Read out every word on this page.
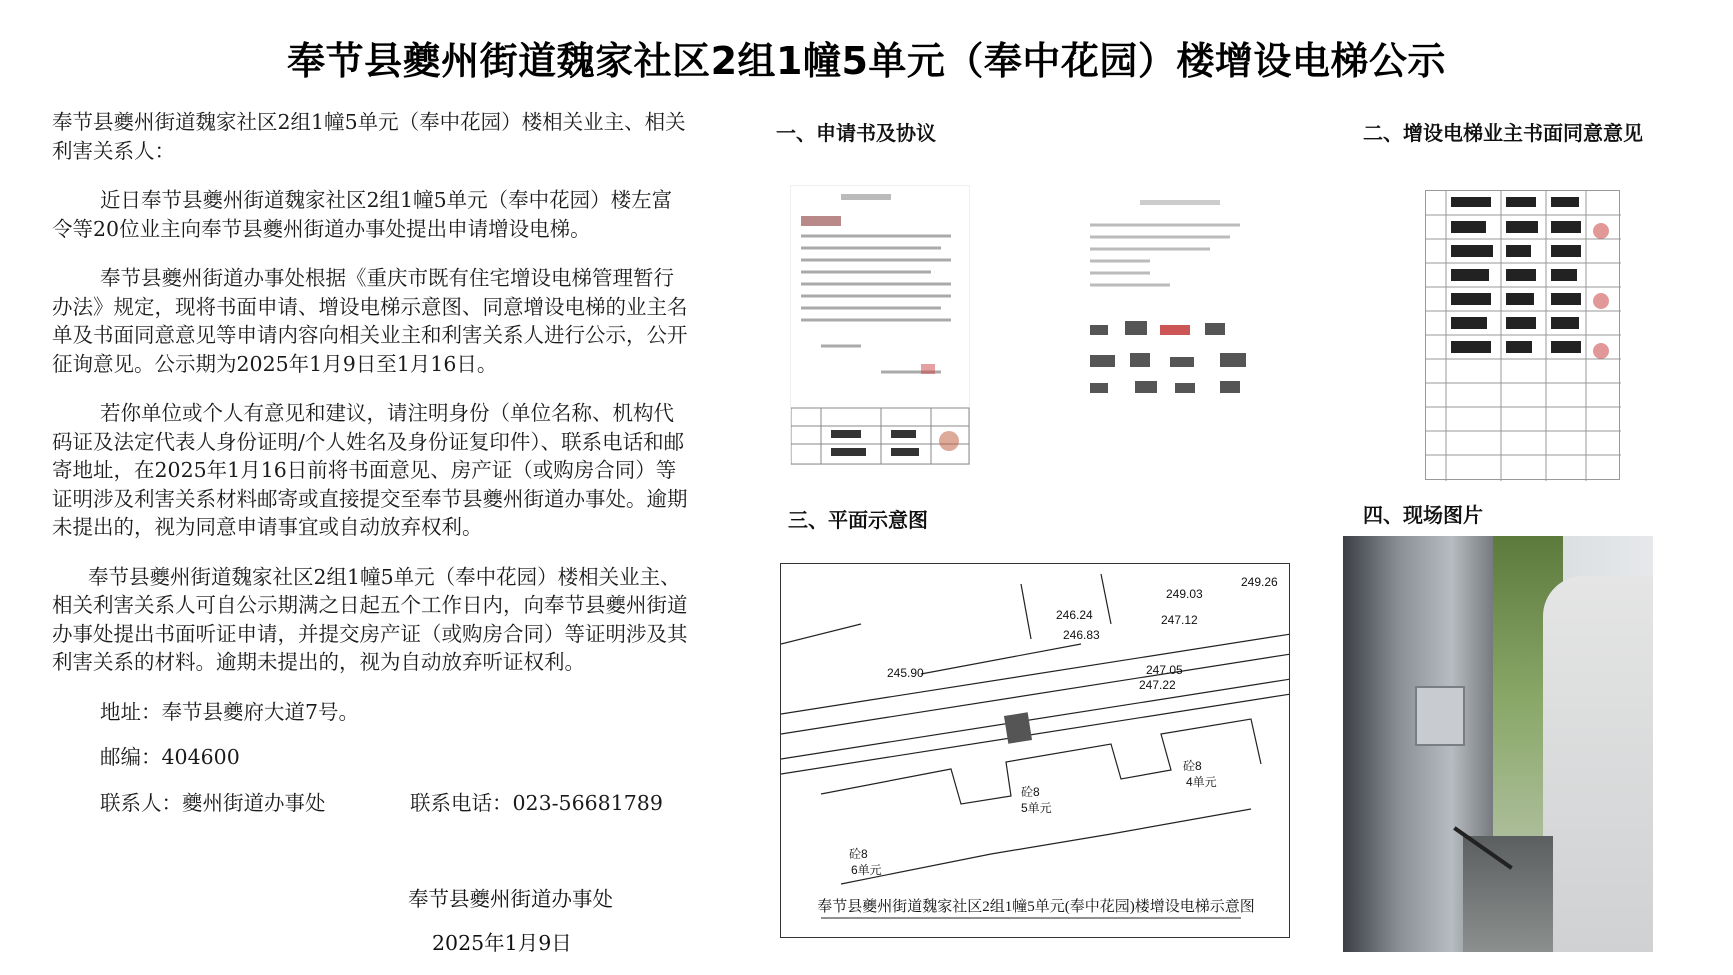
奉节县夔州街道魏家社区2组1幢5单元（奉中花园）楼增设电梯公示

奉节县夔州街道魏家社区2组1幢5单元（奉中花园）楼相关业主、相关利害关系人：

近日奉节县夔州街道魏家社区2组1幢5单元（奉中花园）楼左富令等20位业主向奉节县夔州街道办事处提出申请增设电梯。

奉节县夔州街道办事处根据《重庆市既有住宅增设电梯管理暂行办法》规定，现将书面申请、增设电梯示意图、同意增设电梯的业主名单及书面同意意见等申请内容向相关业主和利害关系人进行公示，公开征询意见。公示期为2025年1月9日至1月16日。

若你单位或个人有意见和建议，请注明身份（单位名称、机构代码证及法定代表人身份证明/个人姓名及身份证复印件）、联系电话和邮寄地址，在2025年1月16日前将书面意见、房产证（或购房合同）等证明涉及利害关系材料邮寄或直接提交至奉节县夔州街道办事处。逾期未提出的，视为同意申请事宜或自动放弃权利。

奉节县夔州街道魏家社区2组1幢5单元（奉中花园）楼相关业主、相关利害关系人可自公示期满之日起五个工作日内，向奉节县夔州街道办事处提出书面听证申请，并提交房产证（或购房合同）等证明涉及其利害关系的材料。逾期未提出的，视为自动放弃听证权利。

地址：奉节县夔府大道7号。
邮编：404600
联系人：夔州街道办事处	联系电话：023-56681789
奉节县夔州街道办事处
2025年1月9日
一、申请书及协议	二、增设电梯业主书面同意意见
三、平面示意图	四、现场图片
245.90
246.24
246.83
247.05
247.22
247.12
249.03
249.26
5单元
4单元
6单元
砼8
砼8
砼8
奉节县夔州街道魏家社区2组1幢5单元(奉中花园)楼增设电梯示意图
